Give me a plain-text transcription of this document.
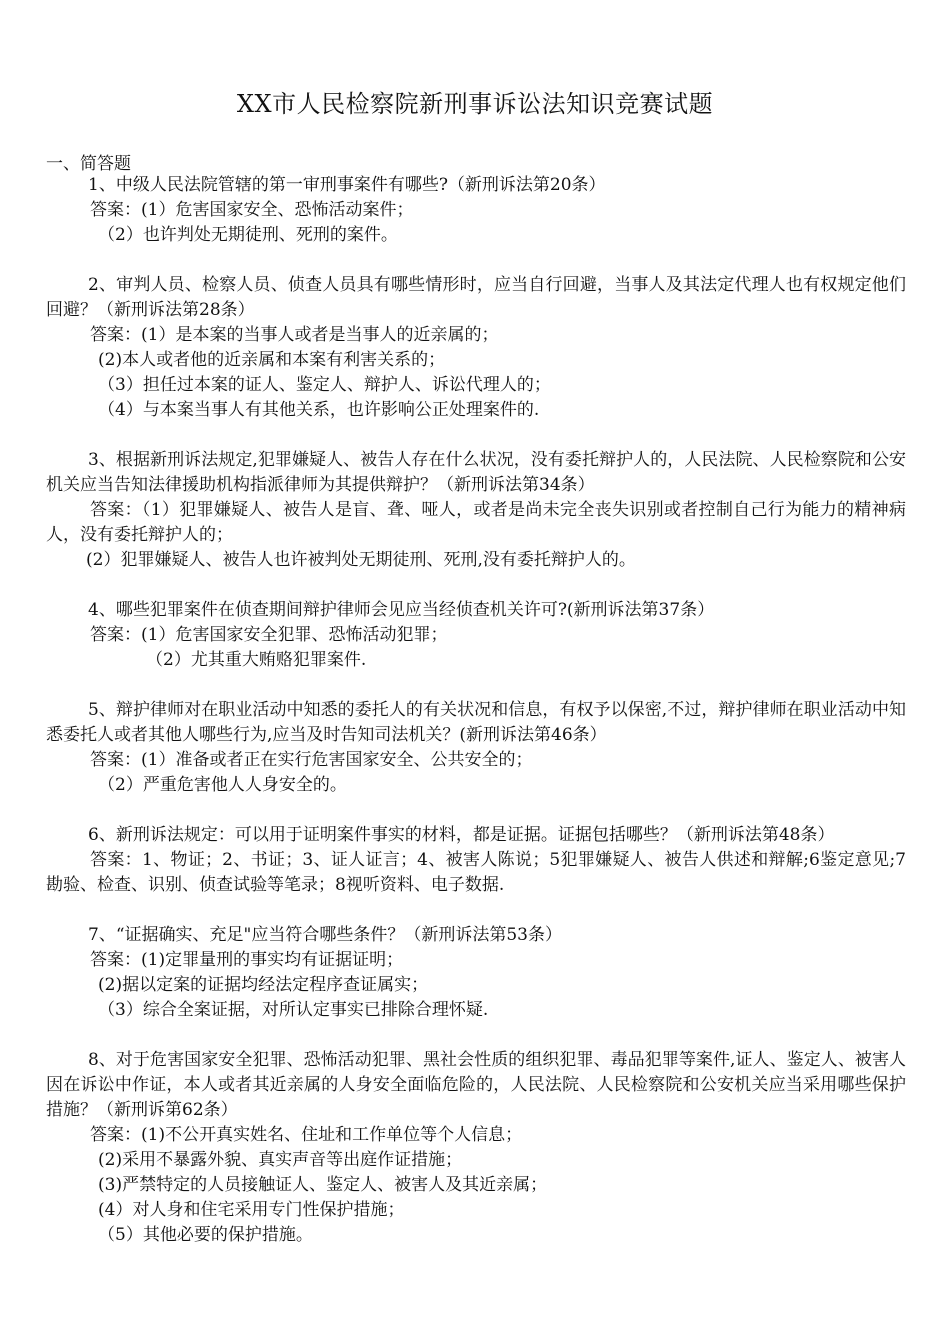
XX市人民检察院新刑事诉讼法知识竞赛试题
一、简答题

1、中级人民法院管辖的第一审刑事案件有哪些?（新刑诉法第20条）

答案：(1）危害国家安全、恐怖活动案件；

（2）也许判处无期徒刑、死刑的案件。

2、审判人员、检察人员、侦查人员具有哪些情形时，应当自行回避，当事人及其法定代理人也有权规定他们回避？（新刑诉法第28条）

答案：(1）是本案的当事人或者是当事人的近亲属的；

(2)本人或者他的近亲属和本案有利害关系的；

（3）担任过本案的证人、鉴定人、辩护人、诉讼代理人的；

（4）与本案当事人有其他关系，也许影响公正处理案件的.

3、根据新刑诉法规定,犯罪嫌疑人、被告人存在什么状况，没有委托辩护人的，人民法院、人民检察院和公安机关应当告知法律援助机构指派律师为其提供辩护？（新刑诉法第34条）

答案：（1）犯罪嫌疑人、被告人是盲、聋、哑人，或者是尚未完全丧失识别或者控制自己行为能力的精神病人，没有委托辩护人的；

(2）犯罪嫌疑人、被告人也许被判处无期徒刑、死刑,没有委托辩护人的。

4、哪些犯罪案件在侦查期间辩护律师会见应当经侦查机关许可?(新刑诉法第37条）

答案：(1）危害国家安全犯罪、恐怖活动犯罪；

（2）尤其重大贿赂犯罪案件.

5、辩护律师对在职业活动中知悉的委托人的有关状况和信息，有权予以保密,不过，辩护律师在职业活动中知悉委托人或者其他人哪些行为,应当及时告知司法机关？(新刑诉法第46条）

答案：(1）准备或者正在实行危害国家安全、公共安全的；

（2）严重危害他人人身安全的。

6、新刑诉法规定：可以用于证明案件事实的材料，都是证据。证据包括哪些？（新刑诉法第48条）

答案：1、物证；2、书证；3、证人证言；4、被害人陈说；5犯罪嫌疑人、被告人供述和辩解;6鉴定意见;7勘验、检查、识别、侦查试验等笔录；8视听资料、电子数据.

7、“证据确实、充足"应当符合哪些条件？（新刑诉法第53条）

答案：(1)定罪量刑的事实均有证据证明；

(2)据以定案的证据均经法定程序查证属实；

（3）综合全案证据，对所认定事实已排除合理怀疑.

8、对于危害国家安全犯罪、恐怖活动犯罪、黑社会性质的组织犯罪、毒品犯罪等案件,证人、鉴定人、被害人因在诉讼中作证，本人或者其近亲属的人身安全面临危险的，人民法院、人民检察院和公安机关应当采用哪些保护措施？（新刑诉第62条）

答案：(1)不公开真实姓名、住址和工作单位等个人信息；

(2)采用不暴露外貌、真实声音等出庭作证措施；

(3)严禁特定的人员接触证人、鉴定人、被害人及其近亲属；

(4）对人身和住宅采用专门性保护措施；

（5）其他必要的保护措施。
